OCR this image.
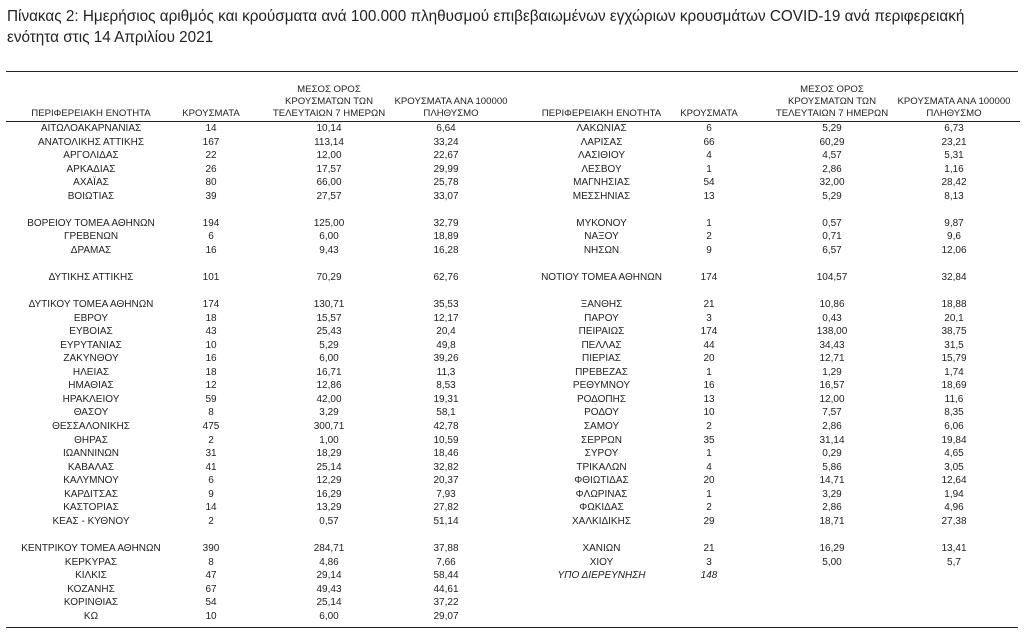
Πίνακας 2: Ημερήσιος αριθμός και κρούσματα ανά 100.000 πληθυσμού επιβεβαιωμένων εγχώριων κρουσμάτων COVID-19 ανά περιφερειακή ενότητα στις 14 Απριλίου 2021
ΠΕΡΙΦΕΡΕΙΑΚΗ ΕΝΟΤΗΤΑ	ΚΡΟΥΣΜΑΤΑ
ΜΕΣΟΣ ΟΡΟΣ
ΚΡΟΥΣΜΑΤΩΝ ΤΩΝ
ΤΕΛΕΥΤΑΙΩΝ 7 ΗΜΕΡΩΝ
ΚΡΟΥΣΜΑΤΑ ΑΝΑ 100000
ΠΛΗΘΥΣΜΟ
ΑΙΤΩΛΟΑΚΑΡΝΑΝΙΑΣ	14	10,14	6,64
ΑΝΑΤΟΛΙΚΗΣ ΑΤΤΙΚΗΣ	167	113,14	33,24
ΑΡΓΟΛΙΔΑΣ	22	12,00	22,67
ΑΡΚΑΔΙΑΣ	26	17,57	29,99
ΑΧΑΪΑΣ	80	66,00	25,78
ΒΟΙΩΤΙΑΣ	39	27,57	33,07
ΒΟΡΕΙΟΥ ΤΟΜΕΑ ΑΘΗΝΩΝ	194	125,00	32,79
ΓΡΕΒΕΝΩΝ	6	6,00	18,89
ΔΡΑΜΑΣ	16	9,43	16,28
ΔΥΤΙΚΗΣ ΑΤΤΙΚΗΣ	101	70,29	62,76
ΔΥΤΙΚΟΥ ΤΟΜΕΑ ΑΘΗΝΩΝ	174	130,71	35,53
ΕΒΡΟΥ	18	15,57	12,17
ΕΥΒΟΙΑΣ	43	25,43	20,4
ΕΥΡΥΤΑΝΙΑΣ	10	5,29	49,8
ΖΑΚΥΝΘΟΥ	16	6,00	39,26
ΗΛΕΙΑΣ	18	16,71	11,3
ΗΜΑΘΙΑΣ	12	12,86	8,53
ΗΡΑΚΛΕΙΟΥ	59	42,00	19,31
ΘΑΣΟΥ	8	3,29	58,1
ΘΕΣΣΑΛΟΝΙΚΗΣ	475	300,71	42,78
ΘΗΡΑΣ	2	1,00	10,59
ΙΩΑΝΝΙΝΩΝ	31	18,29	18,46
ΚΑΒΑΛΑΣ	41	25,14	32,82
ΚΑΛΥΜΝΟΥ	6	12,29	20,37
ΚΑΡΔΙΤΣΑΣ	9	16,29	7,93
ΚΑΣΤΟΡΙΑΣ	14	13,29	27,82
ΚΕΑΣ - ΚΥΘΝΟΥ	2	0,57	51,14
ΚΕΝΤΡΙΚΟΥ ΤΟΜΕΑ ΑΘΗΝΩΝ	390	284,71	37,88
ΚΕΡΚΥΡΑΣ	8	4,86	7,66
ΚΙΛΚΙΣ	47	29,14	58,44
ΚΟΖΑΝΗΣ	67	49,43	44,61
ΚΟΡΙΝΘΙΑΣ	54	25,14	37,22
ΚΩ	10	6,00	29,07
ΠΕΡΙΦΕΡΕΙΑΚΗ ΕΝΟΤΗΤΑ	ΚΡΟΥΣΜΑΤΑ
ΜΕΣΟΣ ΟΡΟΣ
ΚΡΟΥΣΜΑΤΩΝ ΤΩΝ
ΤΕΛΕΥΤΑΙΩΝ 7 ΗΜΕΡΩΝ
ΚΡΟΥΣΜΑΤΑ ΑΝΑ 100000
ΠΛΗΘΥΣΜΟ
ΛΑΚΩΝΙΑΣ	6	5,29	6,73
ΛΑΡΙΣΑΣ	66	60,29	23,21
ΛΑΣΙΘΙΟΥ	4	4,57	5,31
ΛΕΣΒΟΥ	1	2,86	1,16
ΜΑΓΝΗΣΙΑΣ	54	32,00	28,42
ΜΕΣΣΗΝΙΑΣ	13	5,29	8,13
ΜΥΚΟΝΟΥ	1	0,57	9,87
ΝΑΞΟΥ	2	0,71	9,6
ΝΗΣΩΝ	9	6,57	12,06
ΝΟΤΙΟΥ ΤΟΜΕΑ ΑΘΗΝΩΝ	174	104,57	32,84
ΞΑΝΘΗΣ	21	10,86	18,88
ΠΑΡΟΥ	3	0,43	20,1
ΠΕΙΡΑΙΩΣ	174	138,00	38,75
ΠΕΛΛΑΣ	44	34,43	31,5
ΠΙΕΡΙΑΣ	20	12,71	15,79
ΠΡΕΒΕΖΑΣ	1	1,29	1,74
ΡΕΘΥΜΝΟΥ	16	16,57	18,69
ΡΟΔΟΠΗΣ	13	12,00	11,6
ΡΟΔΟΥ	10	7,57	8,35
ΣΑΜΟΥ	2	2,86	6,06
ΣΕΡΡΩΝ	35	31,14	19,84
ΣΥΡΟΥ	1	0,29	4,65
ΤΡΙΚΑΛΩΝ	4	5,86	3,05
ΦΘΙΩΤΙΔΑΣ	20	14,71	12,64
ΦΛΩΡΙΝΑΣ	1	3,29	1,94
ΦΩΚΙΔΑΣ	2	2,86	4,96
ΧΑΛΚΙΔΙΚΗΣ	29	18,71	27,38
ΧΑΝΙΩΝ	21	16,29	13,41
ΧΙΟΥ	3	5,00	5,7
ΥΠΟ ΔΙΕΡΕΥΝΗΣΗ	148
